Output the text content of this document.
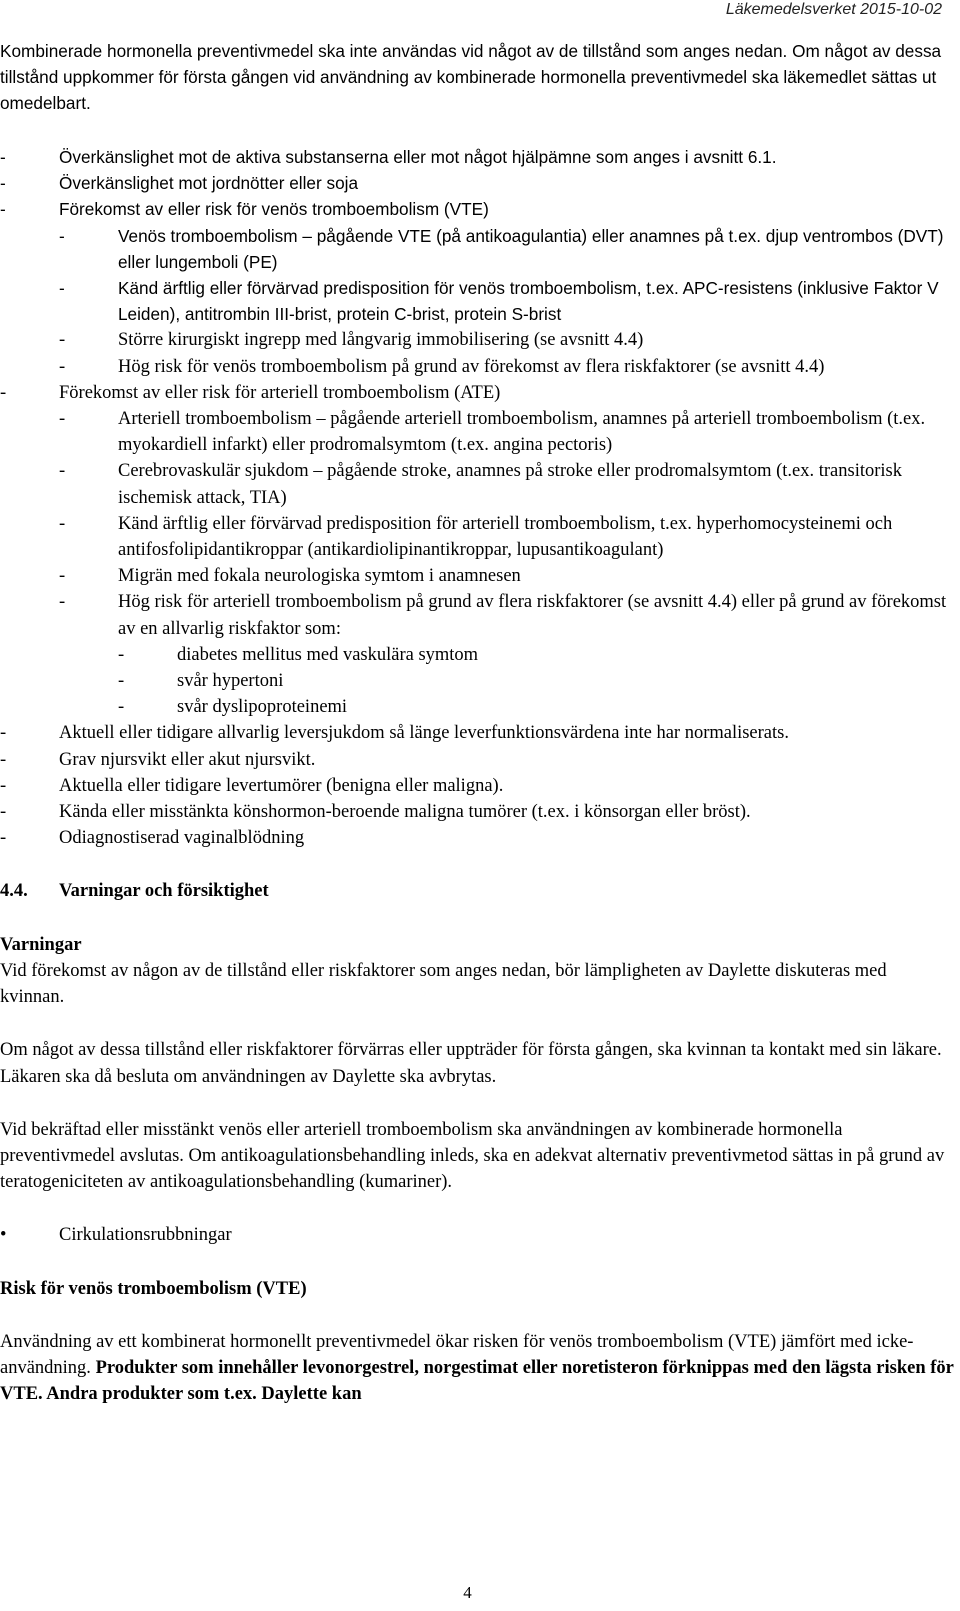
Läkemedelsverket 2015-10-02

Kombinerade hormonella preventivmedel ska inte användas vid något av de tillstånd som anges nedan. Om något av dessa tillstånd uppkommer för första gången vid användning av kombinerade hormonella preventivmedel ska läkemedlet sättas ut omedelbart.

-	Överkänslighet mot de aktiva substanserna eller mot något hjälpämne som anges i avsnitt 6.1.
-	Överkänslighet mot jordnötter eller soja
-	Förekomst av eller risk för venös tromboembolism (VTE)
-	Venös tromboembolism – pågående VTE (på antikoagulantia) eller anamnes på t.ex. djup ventrombos (DVT) eller lungemboli (PE)
-	Känd ärftlig eller förvärvad predisposition för venös tromboembolism, t.ex. APC-resistens (inklusive Faktor V Leiden), antitrombin III-brist, protein C-brist, protein S-brist
-	Större kirurgiskt ingrepp med långvarig immobilisering (se avsnitt 4.4)
-	Hög risk för venös tromboembolism på grund av förekomst av flera riskfaktorer (se avsnitt 4.4)
-	Förekomst av eller risk för arteriell tromboembolism (ATE)
-	Arteriell tromboembolism – pågående arteriell tromboembolism, anamnes på arteriell tromboembolism (t.ex. myokardiell infarkt) eller prodromalsymtom (t.ex. angina pectoris)
-	Cerebrovaskulär sjukdom – pågående stroke, anamnes på stroke eller prodromalsymtom (t.ex. transitorisk ischemisk attack, TIA)
-	Känd ärftlig eller förvärvad predisposition för arteriell tromboembolism, t.ex. hyperhomocysteinemi och antifosfolipidantikroppar (antikardiolipinantikroppar, lupusantikoagulant)
-	Migrän med fokala neurologiska symtom i anamnesen
-	Hög risk för arteriell tromboembolism på grund av flera riskfaktorer (se avsnitt 4.4) eller på grund av förekomst av en allvarlig riskfaktor som:
-	diabetes mellitus med vaskulära symtom
-	svår hypertoni
-	svår dyslipoproteinemi
-	Aktuell eller tidigare allvarlig leversjukdom så länge leverfunktionsvärdena inte har normaliserats.
-	Grav njursvikt eller akut njursvikt.
-	Aktuella eller tidigare levertumörer (benigna eller maligna).
-	Kända eller misstänkta könshormon-beroende maligna tumörer (t.ex. i könsorgan eller bröst).
-	Odiagnostiserad vaginalblödning
4.4. Varningar och försiktighet

Varningar

Vid förekomst av någon av de tillstånd eller riskfaktorer som anges nedan, bör lämpligheten av Daylette diskuteras med kvinnan.

Om något av dessa tillstånd eller riskfaktorer förvärras eller uppträder för första gången, ska kvinnan ta kontakt med sin läkare. Läkaren ska då besluta om användningen av Daylette ska avbrytas.

Vid bekräftad eller misstänkt venös eller arteriell tromboembolism ska användningen av kombinerade hormonella preventivmedel avslutas. Om antikoagulationsbehandling inleds, ska en adekvat alternativ preventivmetod sättas in på grund av teratogeniciteten av antikoagulationsbehandling (kumariner).

•	Cirkulationsrubbningar

Risk för venös tromboembolism (VTE)

Användning av ett kombinerat hormonellt preventivmedel ökar risken för venös tromboembolism (VTE) jämfört med icke-användning. Produkter som innehåller levonorgestrel, norgestimat eller noretisteron förknippas med den lägsta risken för VTE. Andra produkter som t.ex. Daylette kan

4
